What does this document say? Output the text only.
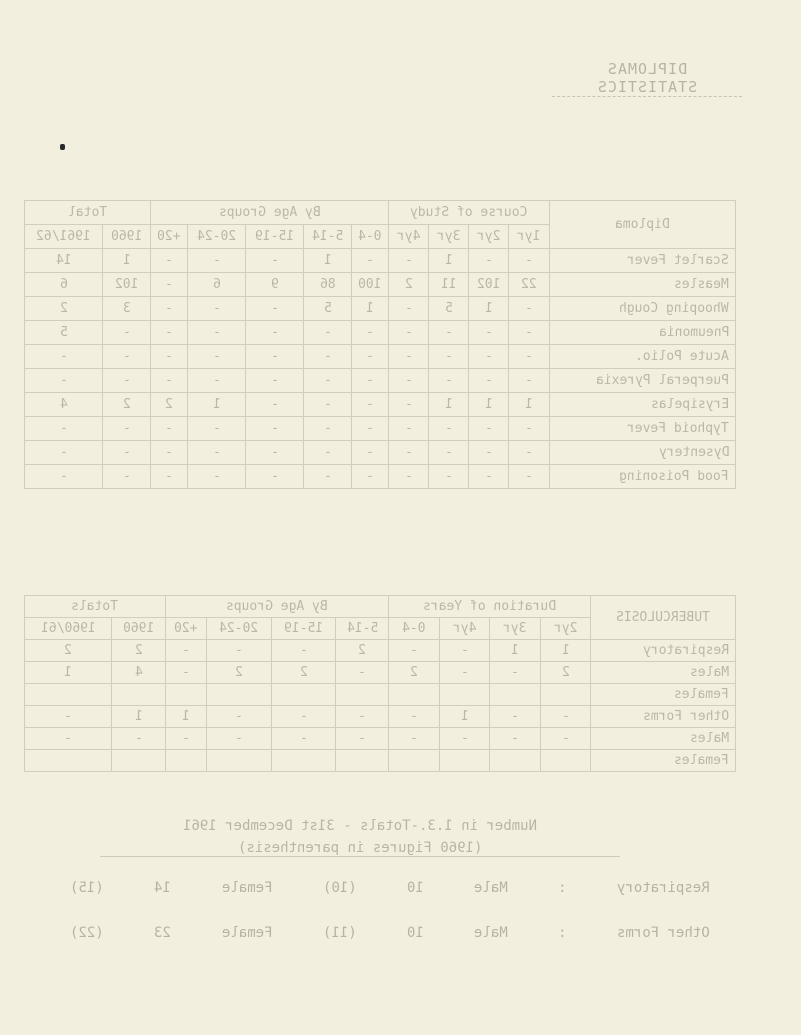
DIPLOMAS STATISTICS
Total		By Age Groups					Course of Study				Diploma
1961/62	1960	+20	20-24	15-19	5-14	0-4	4yr	3yr	2yr	1yr	
14	1	-	-	-	1	-	-	1	-	-	Scarlet Fever
6	102	-	6	9	86	100	2	11	102	22	Measles
2	3	-	-	-	5	1	-	5	1	-	Whooping Cough
5	-	-	-	-	-	-	-	-	-	-	Pneumonia
-	-	-	-	-	-	-	-	-	-	-	Acute Polio.
-	-	-	-	-	-	-	-	-	-	-	Puerperal Pyrexia
4	2	2	1	-	-	-	-	1	1	1	Erysipelas
-	-	-	-	-	-	-	-	-	-	-	Typhoid Fever
-	-	-	-	-	-	-	-	-	-	-	Dysentery
-	-	-	-	-	-	-	-	-	-	-	Food Poisoning
Totals		By Age Groups				Duration of Years				TUBERCULOSIS
1960/61	1960	+20	20-24	15-19	5-14	0-4	4yr	3yr	2yr	
2	2	-	-	-	2	-	-	1	1	Respiratory
1	4	-	2	2	-	2	-	-	2	Males
										Females
-	1	1	-	-	-	-	1	-	-	Other Forms
-	-	-	-	-	-	-	-	-	-	Males
										Females
Number in 1.3.-Totals - 31st December 1961
(1960 Figures in parenthesis)
(15)	14	Female	(10)	10	Male	:	Respiratory
(22)	23	Female	(11)	10	Male	:	Other Forms
